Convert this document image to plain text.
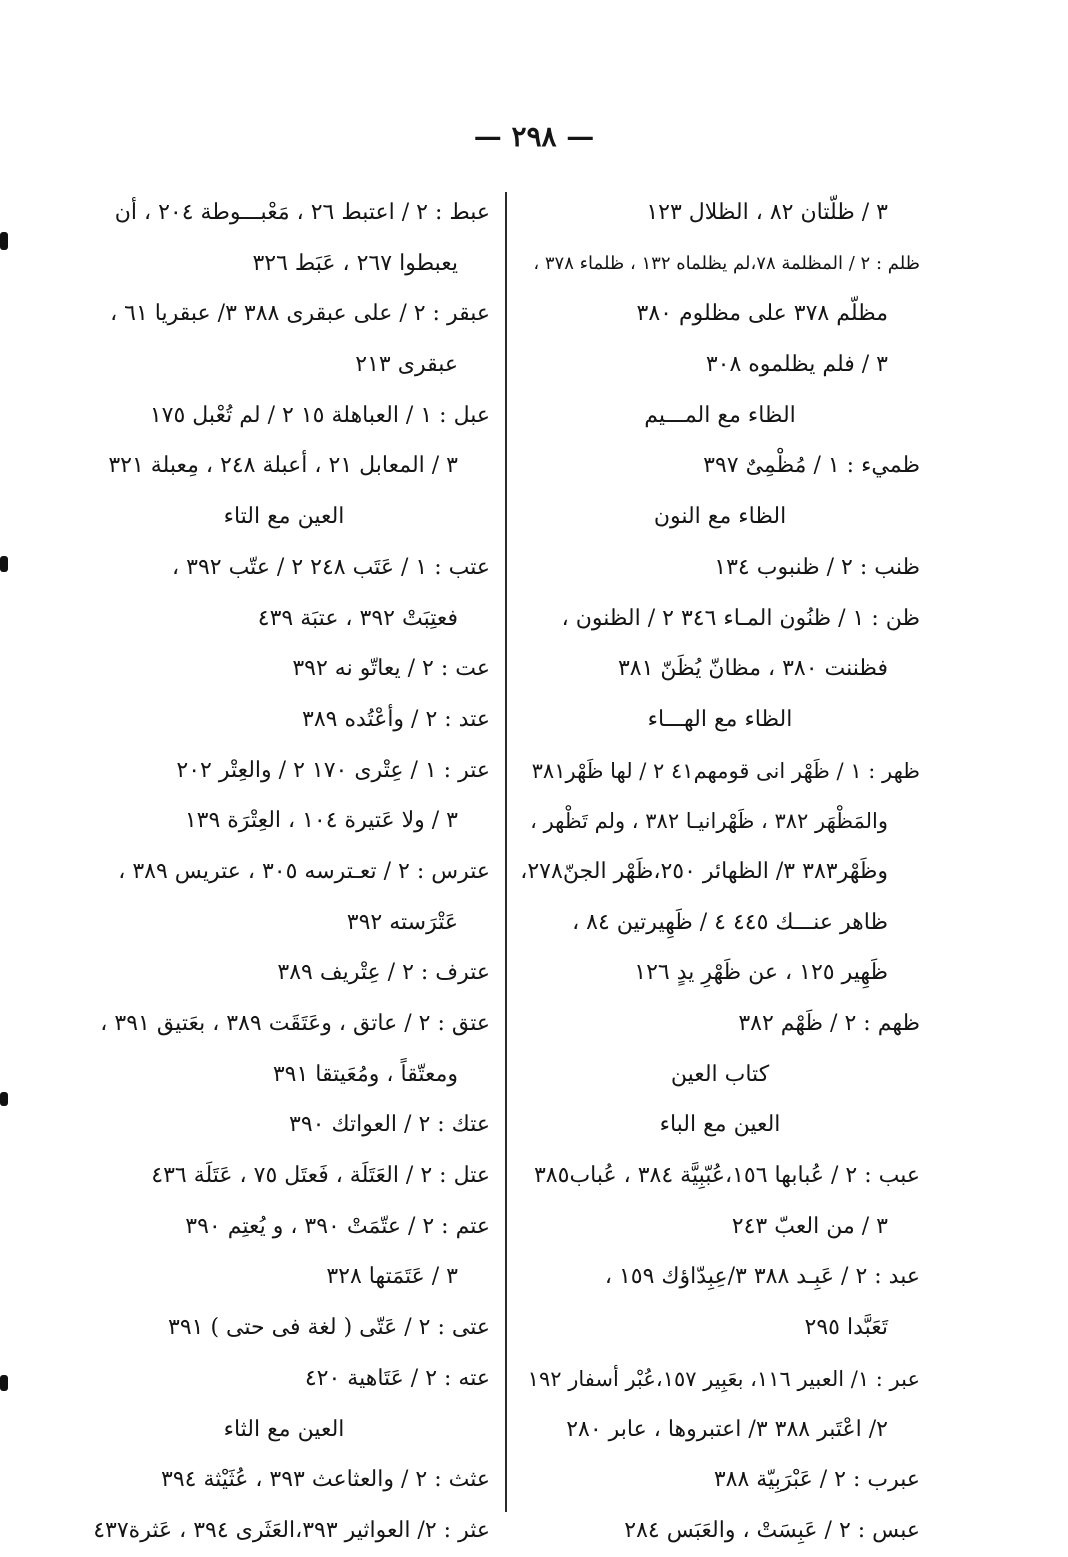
— ٢٩٨ —
٣ / ظلّتان ٨٢ ، الظلال ١٢٣
ظلم : ٢ / المظلمة ٧٨،لم يظلماه ١٣٢ ، ظلماء ٣٧٨ ،
مظلّم ٣٧٨ على مظلوم ٣٨٠
٣ / فلم يظلموه ٣٠٨
الظاء مع المـــيم
ظميء : ١ / مُظْمِىٌ ٣٩٧
الظاء مع النون
ظنب : ٢ / ظنبوب ١٣٤
ظن : ١ / ظنُون المـاء ٣٤٦ ٢ / الظنون ،
فظننت ٣٨٠ ، مظانّ يُظَنّ ٣٨١
الظاء مع الهـــاء
ظهر : ١ / ظَهْر انى قومهم٤١ ٢ / لها ظَهْر٣٨١
والمَظْهَر ٣٨٢ ، ظَهْرانيـا ٣٨٢ ، ولم تَظْهر ،
وظَهْر٣٨٣ ٣/ الظهائر ٢٥٠،ظَهْر الجنّ٢٧٨،
ظاهر عنـــك ٤٤٥ ٤ / ظَهِيرتين ٨٤ ،
ظَهِير ١٢٥ ، عن ظَهْرِ يدٍ ١٢٦
ظهم : ٢ / ظَهْم ٣٨٢
كتاب العين
العين مع الباء
عبب : ٢ / عُبابها ١٥٦،عُبّبِيَّة ٣٨٤ ، عُباب٣٨٥
٣ / من العبّ ٢٤٣
عبد : ٢ / عَبِـد ٣٨٨ ٣/عِبِدّاؤك ١٥٩ ،
تَعَبَّدا ٢٩٥
عبر : ١/ العبير ١١٦، بعَبِير ١٥٧،عُبْر أسفار ١٩٢
٢/ اعْتَبر ٣٨٨ ٣/ اعتبروها ، عابر ٢٨٠
عبرب : ٢ / عَبْرَبِيّة ٣٨٨
عبس : ٢ / عَبِسَتْ ، والعَبَس ٢٨٤
عبط : ٢ / اعتبط ٢٦ ، مَعْبـــوطة ٢٠٤ ، أن
يعبطوا ٢٦٧ ، عَبَط ٣٢٦
عبقر : ٢ / على عبقرى ٣٨٨ ٣/ عبقريا ٦١ ،
عبقرى ٢١٣
عبل : ١ / العباهلة ١٥ ٢ / لم تُعْبل ١٧٥
٣ / المعابل ٢١ ، أعبلة ٢٤٨ ، مِعبلة ٣٢١
العين مع التاء
عتب : ١ / عَتَب ٢٤٨ ٢ / عتّب ٣٩٢ ،
فعتِبَتْ ٣٩٢ ، عتبَة ٤٣٩
عت : ٢ / يعاتّو نه ٣٩٢
عتد : ٢ / وأعْتُده ٣٨٩
عتر : ١ / عِتْرى ١٧٠ ٢ / والعِتْر ٢٠٢
٣ / ولا عَتيرة ١٠٤ ، العِتْرَة ١٣٩
عترس : ٢ / تعـترسه ٣٠٥ ، عتريس ٣٨٩ ،
عَتْرَسته ٣٩٢
عترف : ٢ / عِتْريف ٣٨٩
عتق : ٢ / عاتق ، وعَتَقَت ٣٨٩ ، بعَتيق ٣٩١ ،
ومعتّقاً ، ومُعَيتقا ٣٩١
عتك : ٢ / العواتك ٣٩٠
عتل : ٢ / العَتَلَة ، فَعتَل ٧٥ ، عَتَلَة ٤٣٦
عتم : ٢ / عتّمَتْ ٣٩٠ ، و يُعتِم ٣٩٠
٣ / عَتَمَتها ٣٢٨
عتى : ٢ / عَتّى ( لغة فى حتى ) ٣٩١
عته : ٢ / عَتَاهية ٤٢٠
العين مع الثاء
عثث : ٢ / والعثاعث ٣٩٣ ، عُثَيْثة ٣٩٤
عثر : ٢/ العواثير ٣٩٣،العَثَرى ٣٩٤ ، عَثرة٤٣٧
